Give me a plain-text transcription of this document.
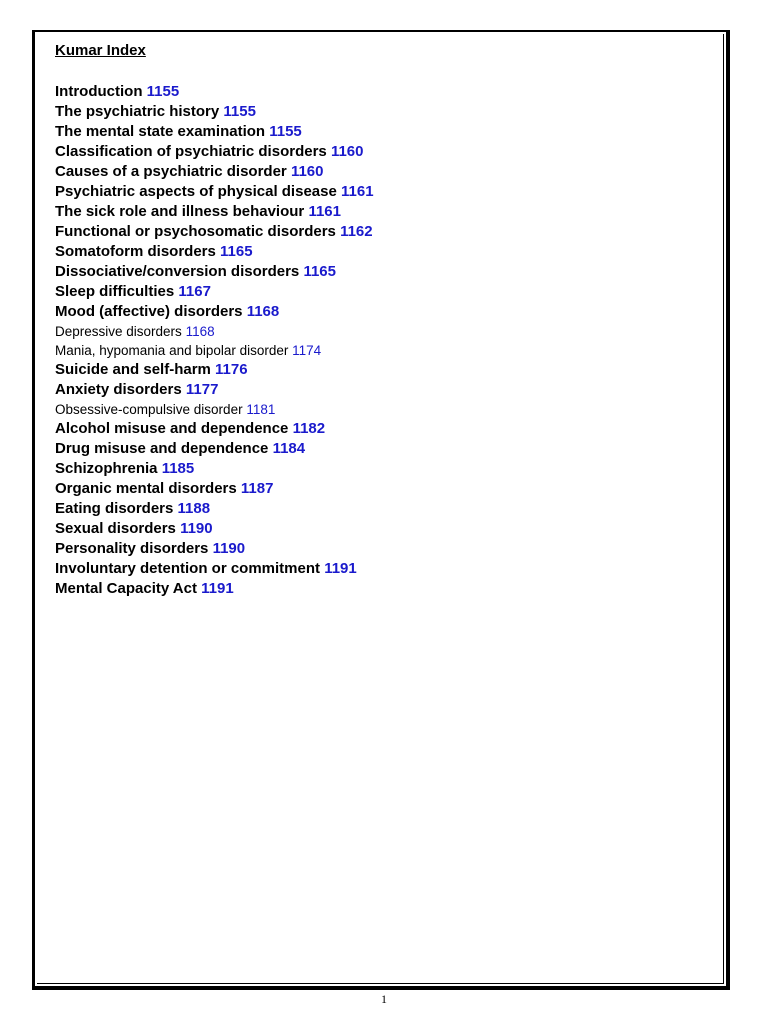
Kumar Index
Introduction 1155
The psychiatric history 1155
The mental state examination 1155
Classification of psychiatric disorders 1160
Causes of a psychiatric disorder 1160
Psychiatric aspects of physical disease 1161
The sick role and illness behaviour 1161
Functional or psychosomatic disorders 1162
Somatoform disorders 1165
Dissociative/conversion disorders 1165
Sleep difficulties 1167
Mood (affective) disorders 1168
Depressive disorders 1168
Mania, hypomania and bipolar disorder 1174
Suicide and self-harm 1176
Anxiety disorders 1177
Obsessive-compulsive disorder 1181
Alcohol misuse and dependence 1182
Drug misuse and dependence 1184
Schizophrenia 1185
Organic mental disorders 1187
Eating disorders 1188
Sexual disorders 1190
Personality disorders 1190
Involuntary detention or commitment 1191
Mental Capacity Act 1191
1
